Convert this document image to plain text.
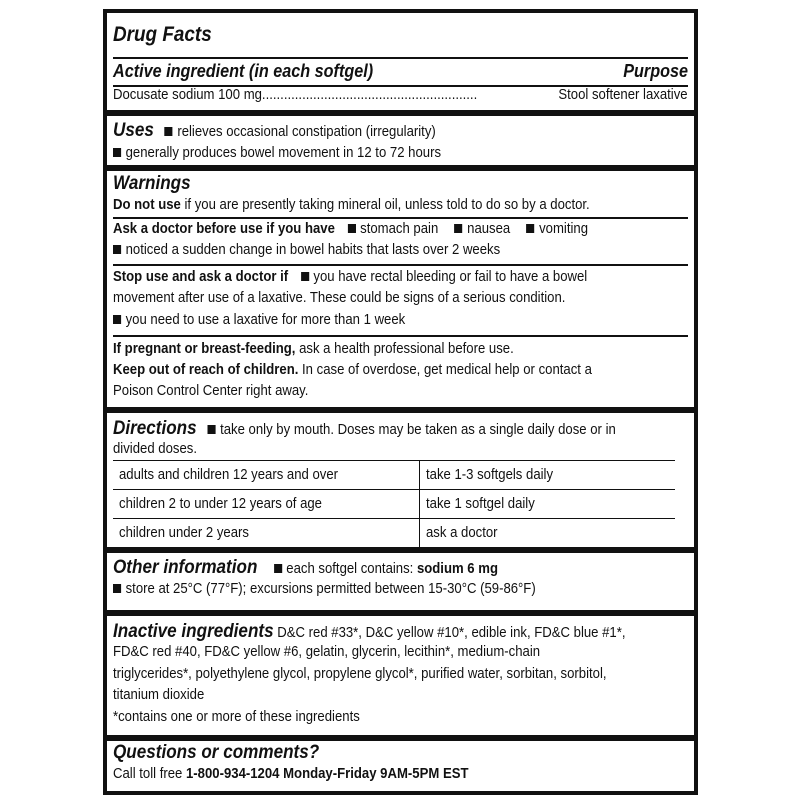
Drug Facts
Active ingredient (in each softgel)	Purpose
Docusate sodium 100 mg...........................................................	Stool softener laxative
Uses relieves occasional constipation (irregularity)
generally produces bowel movement in 12 to 72 hours
Warnings
Do not use if you are presently taking mineral oil, unless told to do so by a doctor.
Ask a doctor before use if you have stomach pain nausea vomiting
noticed a sudden change in bowel habits that lasts over 2 weeks
Stop use and ask a doctor if you have rectal bleeding or fail to have a bowel
movement after use of a laxative. These could be signs of a serious condition.
you need to use a laxative for more than 1 week
If pregnant or breast-feeding, ask a health professional before use.
Keep out of reach of children. In case of overdose, get medical help or contact a
Poison Control Center right away.
Directions take only by mouth. Doses may be taken as a single daily dose or in
divided doses.
adults and children 12 years and over	take 1-3 softgels daily
children 2 to under 12 years of age	take 1 softgel daily
children under 2 years	ask a doctor
Other information each softgel contains: sodium 6 mg
store at 25°C (77°F); excursions permitted between 15-30°C (59-86°F)
Inactive ingredients D&C red #33*, D&C yellow #10*, edible ink, FD&C blue #1*,
FD&C red #40, FD&C yellow #6, gelatin, glycerin, lecithin*, medium-chain
triglycerides*, polyethylene glycol, propylene glycol*, purified water, sorbitan, sorbitol,
titanium dioxide
*contains one or more of these ingredients
Questions or comments?
Call toll free 1-800-934-1204 Monday-Friday 9AM-5PM EST
